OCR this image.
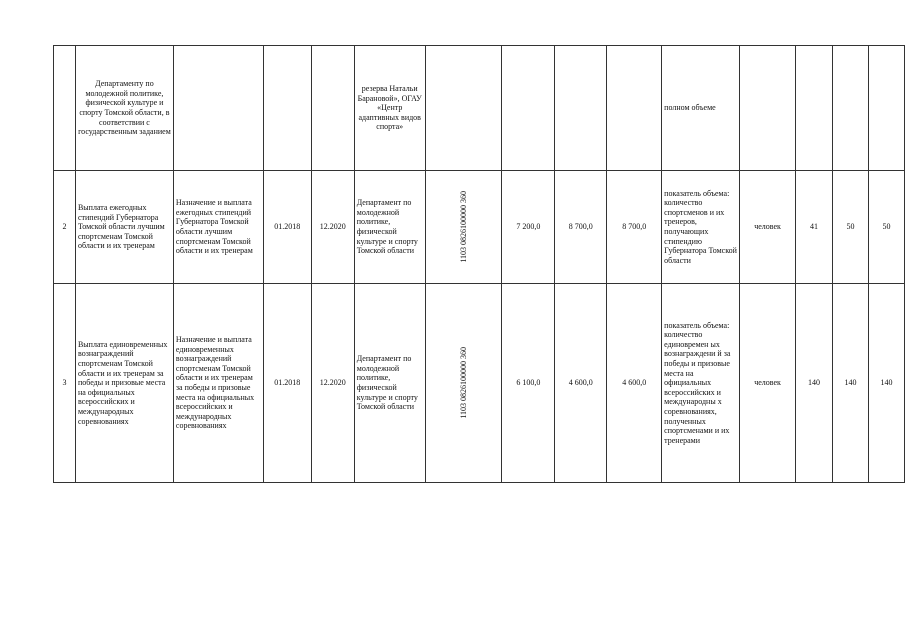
	Департаменту по молодежной политике, физической культуре и спорту Томской области, в соответствии с государственным заданием				резерва Натальи Барановой», ОГАУ «Центр адаптивных видов спорта»					полном объеме				
2	Выплата ежегодных стипендий Губернатора Томской области лучшим спортсменам Томской области и их тренерам	Назначение и выплата ежегодных стипендий Губернатора Томской области лучшим спортсменам Томской области и их тренерам	01.2018	12.2020	Департамент по молодежной политике, физической культуре и спорту Томской области	1103 0826100000 360	7 200,0	8 700,0	8 700,0	показатель объема: количество спортсменов и их тренеров, получающих стипендию Губернатора Томской области	человек	41	50	50
3	Выплата единовременных вознаграждений спортсменам Томской области и их тренерам за победы и призовые места на официальных всероссийских и международных соревнованиях	Назначение и выплата единовременных вознаграждений спортсменам Томской области и их тренерам за победы и призовые места на официальных всероссийских и международных соревнованиях	01.2018	12.2020	Департамент по молодежной политике, физической культуре и спорту Томской области	1103 0826100000 360	6 100,0	4 600,0	4 600,0	показатель объема: количество единовремен ых вознаграждени й за победы и призовые места на официальных всероссийских и международны х соревнованиях, полученных спортсменами и их тренерами	человек	140	140	140
